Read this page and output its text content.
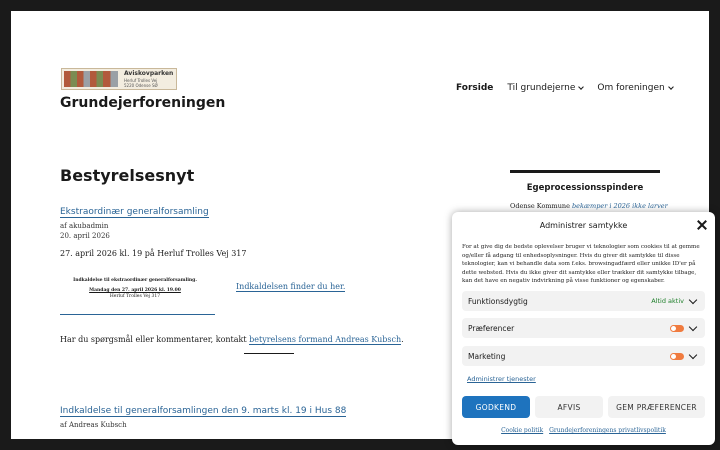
Aviskovparken
Herluf Trolles Vej
5220 Odense SØ
Grundejerforeningen
Forside Til grundejerne Om foreningen
Bestyrelsesnyt
Ekstraordinær generalforsamling
af akubadmin
20. april 2026
27. april 2026 kl. 19 på Herluf Trolles Vej 317
Indkaldelse til ekstraordinær generalforsamling.
Mandag den 27. april 2026 kl. 19.00
Herluf Trolles Vej 317
Indkaldelsen finder du her.
Har du spørgsmål eller kommentarer, kontakt betyrelsens formand Andreas Kubsch.
Indkaldelse til generalforsamlingen den 9. marts kl. 19 i Hus 88
af Andreas Kubsch
Egeprocessionsspindere
Odense Kommune bekæmper i 2026 ikke larver
Administrer samtykke
For at give dig de bedste oplevelser bruger vi teknologier som cookies til at gemme og/eller få adgang til enhedsoplysninger. Hvis du giver dit samtykke til disse teknologier, kan vi behandle data som f.eks. browsingadfærd eller unikke ID'er på dette websted. Hvis du ikke giver dit samtykke eller trækker dit samtykke tilbage, kan det have en negativ indvirkning på visse funktioner og egenskaber.
Funktionsdygtig	Altid aktiv
Præferencer
Marketing
Administrer tjenester
GODKEND	AFVIS	GEM PRÆFERENCER
Cookie politik Grundejerforeningens privatlivspolitik
